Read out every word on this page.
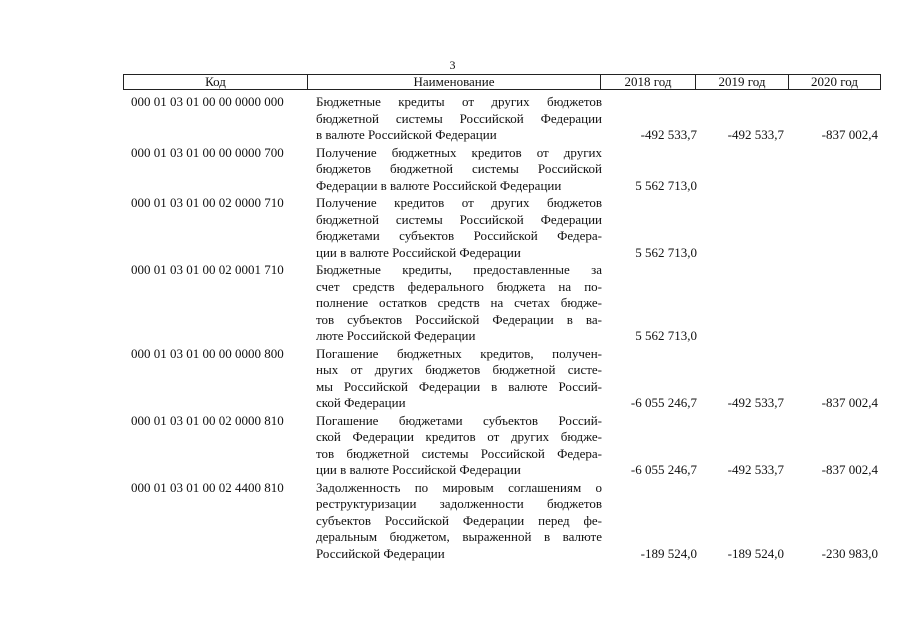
3
Код	Наименование	2018 год	2019 год	2020 год
000 01 03 01 00 00 0000 000 Бюджетные кредиты от других бюджетов
бюджетной системы Российской Федерации
в валюте Российской Федерации	-492 533,7 -492 533,7	-837 002,4
000 01 03 01 00 00 0000 700 Получение бюджетных кредитов от других
бюджетов бюджетной системы Российской
Федерации в валюте Российской Федерации	5 562 713,0
000 01 03 01 00 02 0000 710 Получение кредитов от других бюджетов
бюджетной системы Российской Федерации
бюджетами субъектов Российской Федера-
ции в валюте Российской Федерации	5 562 713,0
000 01 03 01 00 02 0001 710 Бюджетные кредиты, предоставленные за
счет средств федерального бюджета на по-
полнение остатков средств на счетах бюдже-
тов субъектов Российской Федерации в ва-
люте Российской Федерации	5 562 713,0
000 01 03 01 00 00 0000 800 Погашение бюджетных кредитов, получен-
ных от других бюджетов бюджетной систе-
мы Российской Федерации в валюте Россий-
ской Федерации	-6 055 246,7 -492 533,7	-837 002,4
000 01 03 01 00 02 0000 810 Погашение бюджетами субъектов Россий-
ской Федерации кредитов от других бюдже-
тов бюджетной системы Российской Федера-
ции в валюте Российской Федерации	-6 055 246,7 -492 533,7	-837 002,4
000 01 03 01 00 02 4400 810 Задолженность по мировым соглашениям о
реструктуризации задолженности бюджетов
субъектов Российской Федерации перед фе-
деральным бюджетом, выраженной в валюте
Российской Федерации	-189 524,0 -189 524,0	-230 983,0
